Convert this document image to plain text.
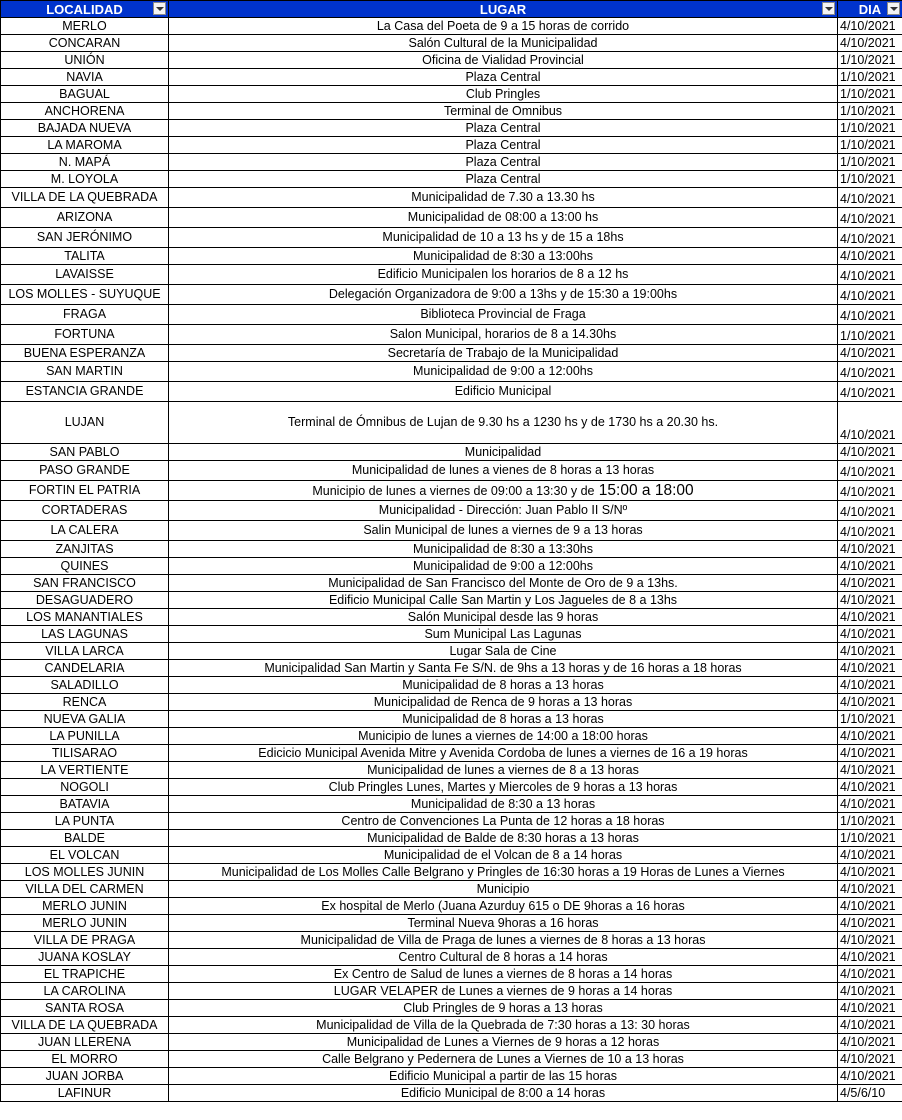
LOCALIDAD	LUGAR	DIA

MERLO	La Casa del Poeta de 9 a 15 horas de corrido	4/10/2021
CONCARAN	Salón Cultural de la Municipalidad	4/10/2021
UNIÓN	Oficina de Vialidad Provincial	1/10/2021
NAVIA	Plaza Central	1/10/2021
BAGUAL	Club Pringles	1/10/2021
ANCHORENA	Terminal de Omnibus	1/10/2021
BAJADA NUEVA	Plaza Central	1/10/2021
LA MAROMA	Plaza Central	1/10/2021
N. MAPÁ	Plaza Central	1/10/2021
M. LOYOLA	Plaza Central	1/10/2021
VILLA DE LA QUEBRADA	Municipalidad de 7.30 a 13.30 hs	4/10/2021
ARIZONA	Municipalidad de 08:00 a 13:00 hs	4/10/2021
SAN JERÓNIMO	Municipalidad de 10 a 13 hs y de 15 a 18hs	4/10/2021
TALITA	Municipalidad de 8:30 a 13:00hs	4/10/2021
LAVAISSE	Edificio Municipalen los horarios de 8 a 12 hs	4/10/2021
LOS MOLLES - SUYUQUE	Delegación Organizadora de 9:00 a 13hs y de 15:30 a 19:00hs	4/10/2021
FRAGA	Biblioteca Provincial de Fraga	4/10/2021
FORTUNA	Salon Municipal, horarios de 8 a 14.30hs	1/10/2021
BUENA ESPERANZA	Secretaría de Trabajo de la Municipalidad	4/10/2021
SAN MARTIN	Municipalidad de 9:00 a 12:00hs	4/10/2021
ESTANCIA GRANDE	Edificio Municipal	4/10/2021
LUJAN	Terminal de Ómnibus de Lujan de 9.30 hs a 1230 hs y de 1730 hs a 20.30 hs.	4/10/2021
SAN PABLO	Municipalidad	4/10/2021
PASO GRANDE	Municipalidad de lunes a vienes de 8 horas a 13 horas	4/10/2021
FORTIN EL PATRIA	Municipio de lunes a viernes de 09:00 a 13:30 y de 15:00 a 18:00	4/10/2021
CORTADERAS	Municipalidad - Dirección: Juan Pablo II S/Nº	4/10/2021
LA CALERA	Salin Municipal de lunes a viernes de 9 a 13 horas	4/10/2021
ZANJITAS	Municipalidad de 8:30 a 13:30hs	4/10/2021
QUINES	Municipalidad de 9:00 a 12:00hs	4/10/2021
SAN FRANCISCO	Municipalidad de San Francisco del Monte de Oro de 9 a 13hs.	4/10/2021
DESAGUADERO	Edificio Municipal Calle San Martin y Los Jagueles de 8 a 13hs	4/10/2021
LOS MANANTIALES	Salón Municipal desde las 9 horas	4/10/2021
LAS LAGUNAS	Sum Municipal Las Lagunas	4/10/2021
VILLA LARCA	Lugar Sala de Cine	4/10/2021
CANDELARIA	Municipalidad San Martin y Santa Fe S/N. de 9hs a 13 horas y de 16 horas a 18 horas	4/10/2021
SALADILLO	Municipalidad de 8 horas a 13 horas	4/10/2021
RENCA	Municipalidad de Renca de 9 horas a 13 horas	4/10/2021
NUEVA GALIA	Municipalidad de 8 horas a 13 horas	1/10/2021
LA PUNILLA	Municipio de lunes a viernes de 14:00 a 18:00 horas	4/10/2021
TILISARAO	Edicicio Municipal Avenida Mitre y Avenida Cordoba de lunes a viernes de 16 a 19 horas	4/10/2021
LA VERTIENTE	Municipalidad de lunes a viernes de 8 a 13 horas	4/10/2021
NOGOLI	Club Pringles Lunes, Martes y Miercoles de 9 horas a 13 horas	4/10/2021
BATAVIA	Municipalidad de 8:30 a 13 horas	4/10/2021
LA PUNTA	Centro de Convenciones La Punta de 12 horas a 18 horas	1/10/2021
BALDE	Municipalidad de Balde de 8:30 horas a 13 horas	1/10/2021
EL VOLCAN	Municipalidad de el Volcan de 8 a 14 horas	4/10/2021
LOS MOLLES JUNIN	Municipalidad de Los Molles Calle Belgrano y Pringles de 16:30 horas a 19 Horas de Lunes a Viernes	4/10/2021
VILLA DEL CARMEN	Municipio	4/10/2021
MERLO JUNIN	Ex hospital de Merlo (Juana Azurduy 615 o DE 9horas a 16 horas	4/10/2021
MERLO JUNIN	Terminal Nueva 9horas a 16 horas	4/10/2021
VILLA DE PRAGA	Municipalidad de Villa de Praga de lunes a viernes de 8 horas a 13 horas	4/10/2021
JUANA KOSLAY	Centro Cultural de 8 horas a 14 horas	4/10/2021
EL TRAPICHE	Ex Centro de Salud de lunes a viernes de 8 horas a 14 horas	4/10/2021
LA CAROLINA	LUGAR VELAPER de Lunes a viernes de 9 horas a 14 horas	4/10/2021
SANTA ROSA	Club Pringles de 9 horas a 13 horas	4/10/2021
VILLA DE LA QUEBRADA	Municipalidad de Villa de la Quebrada de 7:30 horas a 13: 30 horas	4/10/2021
JUAN LLERENA	Municipalidad de Lunes a Viernes de 9 horas a 12 horas	4/10/2021
EL MORRO	Calle Belgrano y Pedernera de Lunes a Viernes de 10 a 13 horas	4/10/2021
JUAN JORBA	Edificio Municipal a partir de las 15 horas	4/10/2021
LAFINUR	Edificio Municipal de 8:00 a 14 horas	4/5/6/10
